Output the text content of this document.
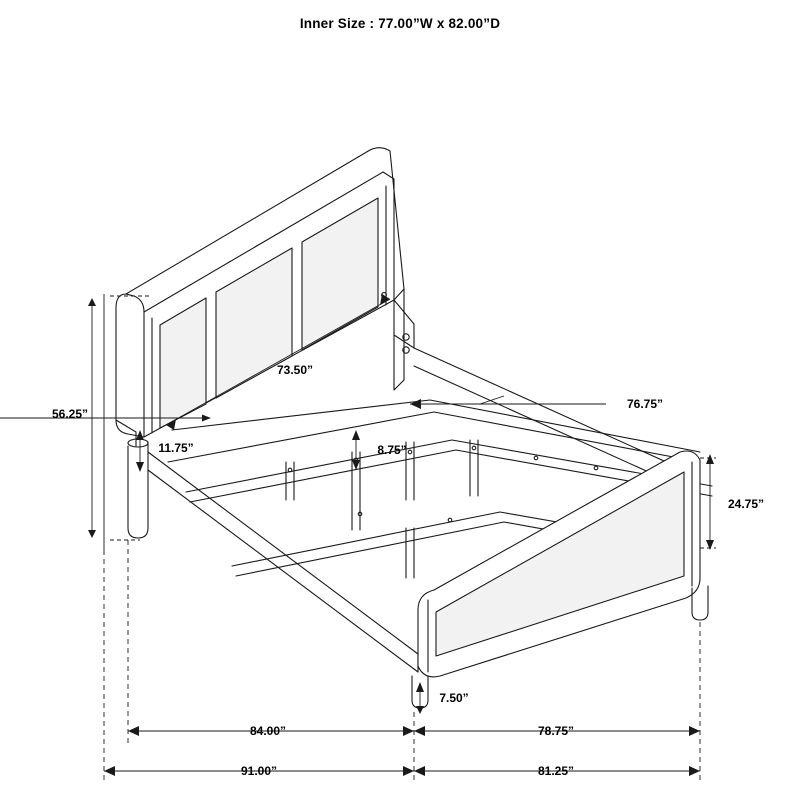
Inner Size : 77.00”W x 82.00”D
56.25”
73.50”
76.75”
11.75”	8.75”
24.75”
7.50”
84.00”	78.75”
91.00”	81.25”
